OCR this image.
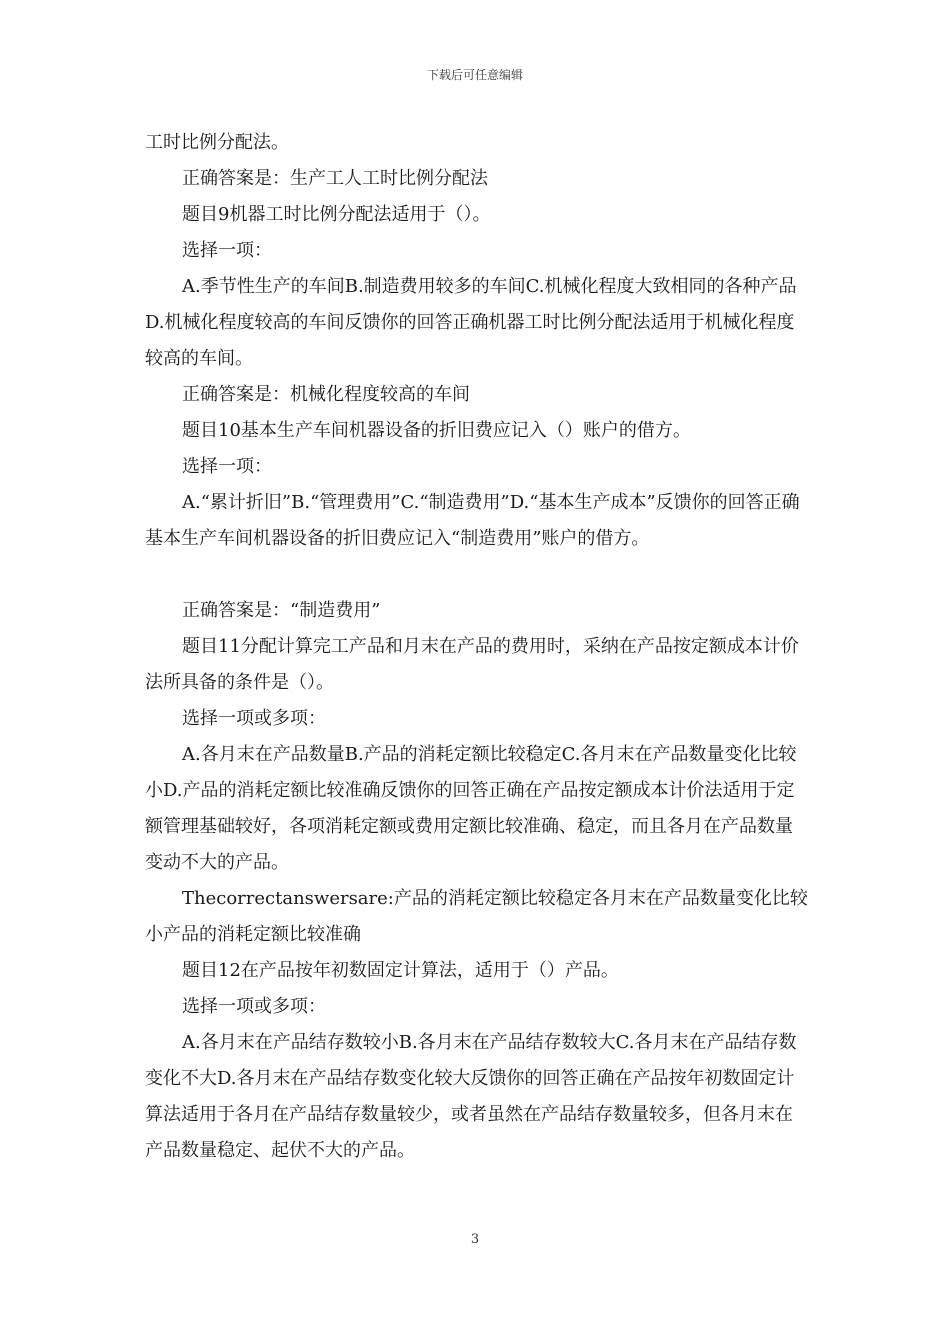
下载后可任意编辑

工时比例分配法。

正确答案是：生产工人工时比例分配法

题目9机器工时比例分配法适用于（）。

选择一项：

A.季节性生产的车间B.制造费用较多的车间C.机械化程度大致相同的各种产品D.机械化程度较高的车间反馈你的回答正确机器工时比例分配法适用于机械化程度较高的车间。

正确答案是：机械化程度较高的车间

题目10基本生产车间机器设备的折旧费应记入（）账户的借方。

选择一项：

A.“累计折旧”B.“管理费用”C.“制造费用”D.“基本生产成本”反馈你的回答正确基本生产车间机器设备的折旧费应记入“制造费用”账户的借方。

正确答案是：“制造费用”

题目11分配计算完工产品和月末在产品的费用时，采纳在产品按定额成本计价法所具备的条件是（）。

选择一项或多项：

A.各月末在产品数量B.产品的消耗定额比较稳定C.各月末在产品数量变化比较小D.产品的消耗定额比较准确反馈你的回答正确在产品按定额成本计价法适用于定额管理基础较好，各项消耗定额或费用定额比较准确、稳定，而且各月在产品数量变动不大的产品。

Thecorrectanswersare:产品的消耗定额比较稳定各月末在产品数量变化比较小产品的消耗定额比较准确

题目12在产品按年初数固定计算法，适用于（）产品。

选择一项或多项：

A.各月末在产品结存数较小B.各月末在产品结存数较大C.各月末在产品结存数变化不大D.各月末在产品结存数变化较大反馈你的回答正确在产品按年初数固定计算法适用于各月在产品结存数量较少，或者虽然在产品结存数量较多，但各月末在产品数量稳定、起伏不大的产品。

3
